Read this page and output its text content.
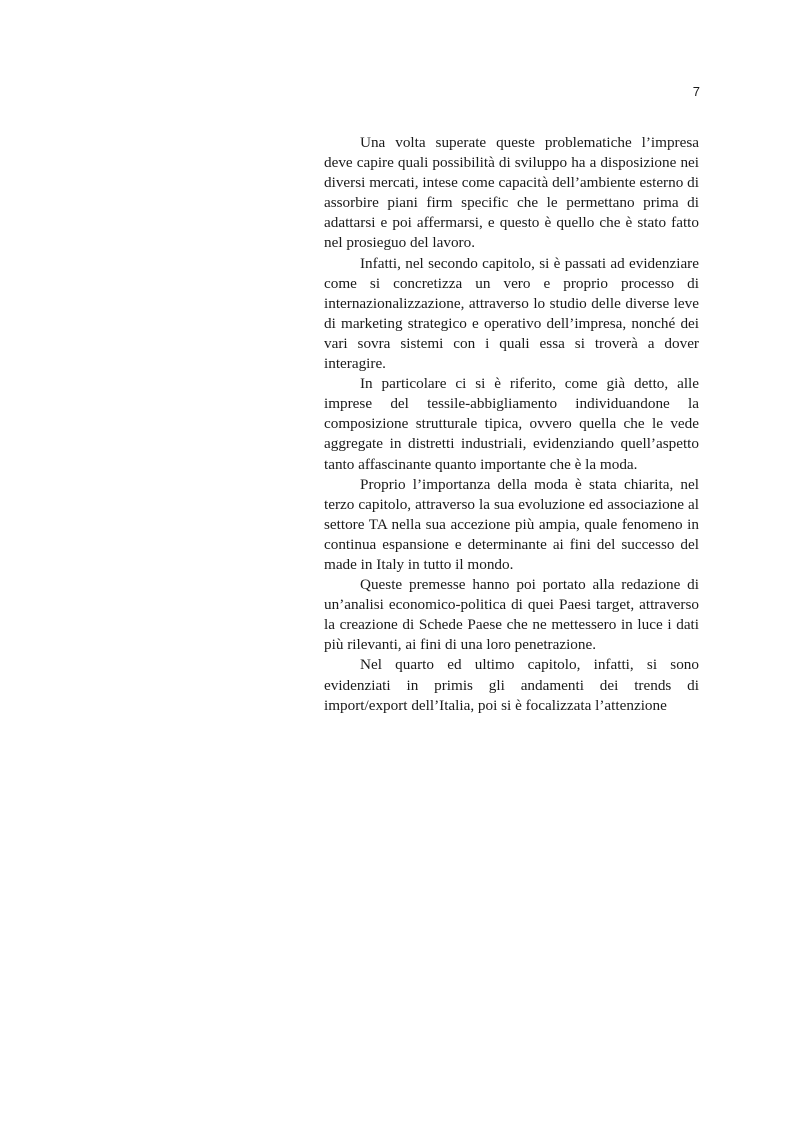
7

Una volta superate queste problematiche l’impresa deve capire quali possibilità di sviluppo ha a disposizione nei diversi mercati, intese come capacità dell’ambiente esterno di assorbire piani firm specific che le permettano prima di adattarsi e poi affermarsi, e questo è quello che è stato fatto nel prosieguo del lavoro.

Infatti, nel secondo capitolo, si è passati ad evidenziare come si concretizza un vero e proprio processo di internazionalizzazione, attraverso lo studio delle diverse leve di marketing strategico e operativo dell’impresa, nonché dei vari sovra sistemi con i quali essa si troverà a dover interagire.

In particolare ci si è riferito, come già detto, alle imprese del tessile-abbigliamento individuandone la composizione strutturale tipica, ovvero quella che le vede aggregate in distretti industriali, evidenziando quell’aspetto tanto affascinante quanto importante che è la moda.

Proprio l’importanza della moda è stata chiarita, nel terzo capitolo, attraverso la sua evoluzione ed associazione al settore TA nella sua accezione più ampia, quale fenomeno in continua espansione e determinante ai fini del successo del made in Italy in tutto il mondo.

Queste premesse hanno poi portato alla redazione di un’analisi economico-politica di quei Paesi target, attraverso la creazione di Schede Paese che ne mettessero in luce i dati più rilevanti, ai fini di una loro penetrazione.

Nel quarto ed ultimo capitolo, infatti, si sono evidenziati in primis gli andamenti dei trends di import/export dell’Italia, poi si è focalizzata l’attenzione
